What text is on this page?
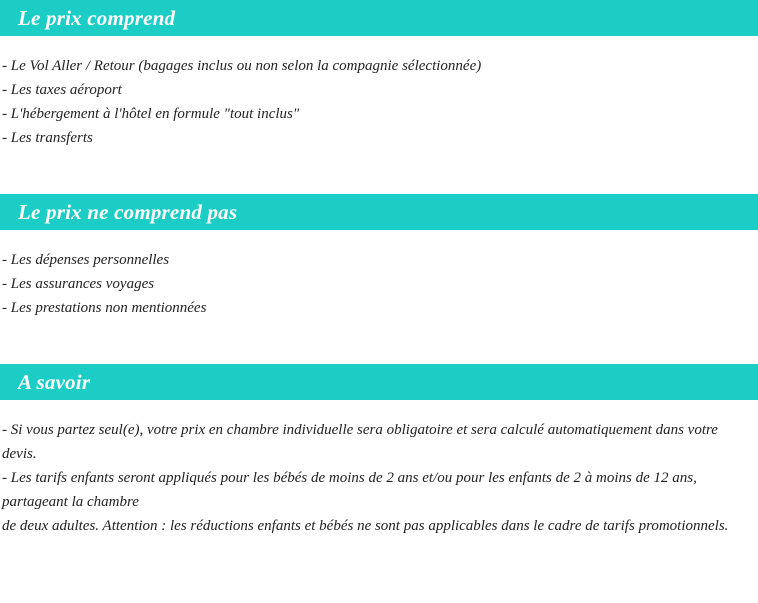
Le prix comprend
- Le Vol Aller / Retour (bagages inclus ou non selon la compagnie sélectionnée)
- Les taxes aéroport
- L'hébergement à l'hôtel en formule "tout inclus"
- Les transferts
Le prix ne comprend pas
- Les dépenses personnelles
- Les assurances voyages
- Les prestations non mentionnées
A savoir
- Si vous partez seul(e), votre prix en chambre individuelle sera obligatoire et sera calculé automatiquement dans votre devis.
- Les tarifs enfants seront appliqués pour les bébés de moins de 2 ans et/ou pour les enfants de 2 à moins de 12 ans, partageant la chambre
de deux adultes. Attention : les réductions enfants et bébés ne sont pas applicables dans le cadre de tarifs promotionnels.
